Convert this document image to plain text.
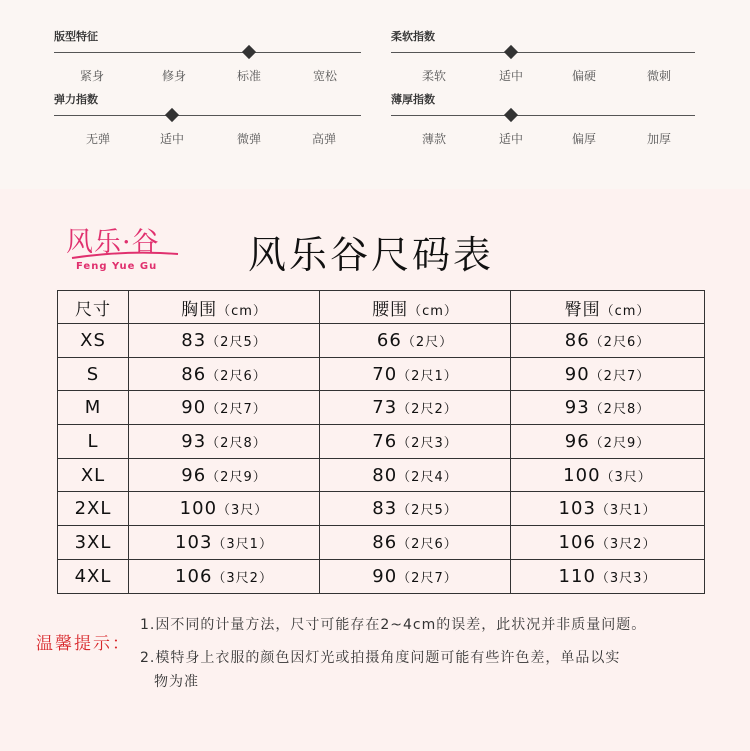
风乐·谷
Feng Yue Gu 风乐谷尺码表
尺寸	胸围（cm）	腰围（cm）	臀围（cm）
XS	83（2尺5）	66（2尺）	86（2尺6）
S	86（2尺6）	70（2尺1）	90（2尺7）
M	90（2尺7）	73（2尺2）	93（2尺8）
L	93（2尺8）	76（2尺3）	96（2尺9）
XL	96（2尺9）	80（2尺4）	100（3尺）
2XL	100（3尺）	83（2尺5）	103（3尺1）
3XL	103（3尺1）	86（2尺6）	106（3尺2）
4XL	106（3尺2）	90（2尺7）	110（3尺3）
温馨提示：
1.因不同的计量方法，尺寸可能存在2~4cm的误差，此状况并非质量问题。
2.模特身上衣服的颜色因灯光或拍摄角度问题可能有些许色差，单品以实
物为准
版型特征
紧身	修身	标准	宽松
柔软指数
柔软	适中	偏硬	微刺
弹力指数
无弹	适中	微弹	高弹
薄厚指数
薄款	适中	偏厚	加厚
